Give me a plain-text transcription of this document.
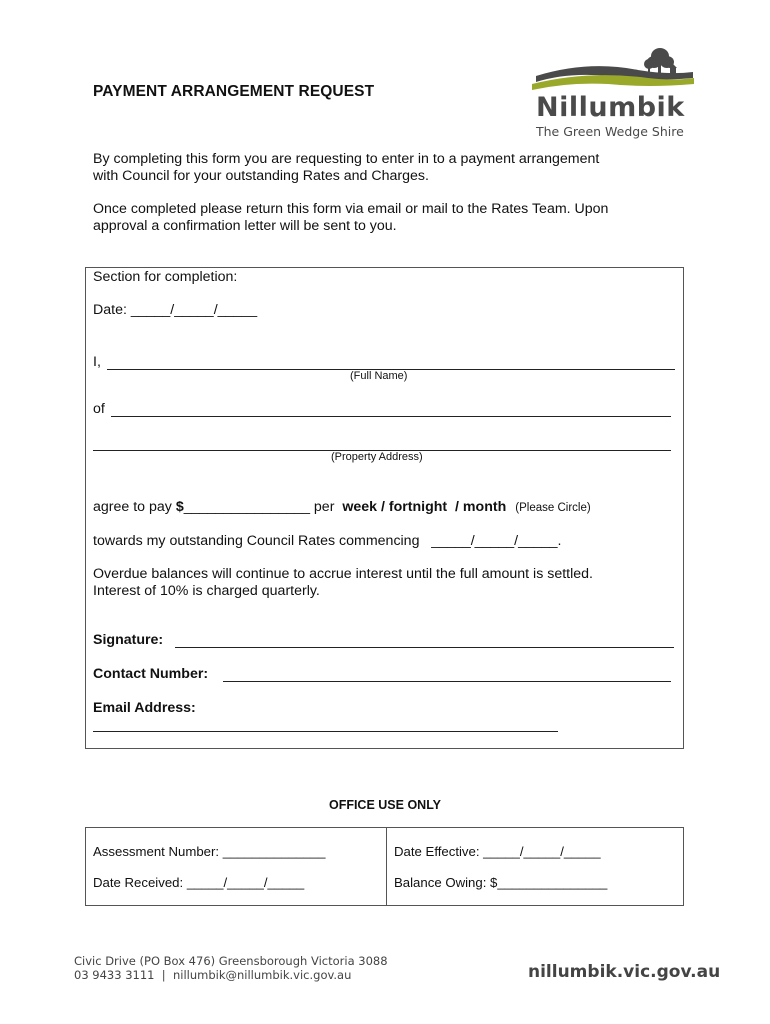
PAYMENT ARRANGEMENT REQUEST
Nillumbik
The Green Wedge Shire
By completing this form you are requesting to enter in to a payment arrangement
with Council for your outstanding Rates and Charges.
Once completed please return this form via email or mail to the Rates Team. Upon
approval a confirmation letter will be sent to you.
Section for completion:
Date: _____/_____/_____
I,
(Full Name)
of
(Property Address)
agree to pay $________________ per  week / fortnight  / month (Please Circle)
towards my outstanding Council Rates commencing   _____/_____/_____.
Overdue balances will continue to accrue interest until the full amount is settled.
Interest of 10% is charged quarterly.
Signature:
Contact Number:
Email Address:
OFFICE USE ONLY
Assessment Number: ______________
Date Received: _____/_____/_____
Date Effective: _____/_____/_____
Balance Owing: $_______________
Civic Drive (PO Box 476) Greensborough Victoria 3088
03 9433 3111  |  nillumbik@nillumbik.vic.gov.au	nillumbik.vic.gov.au
